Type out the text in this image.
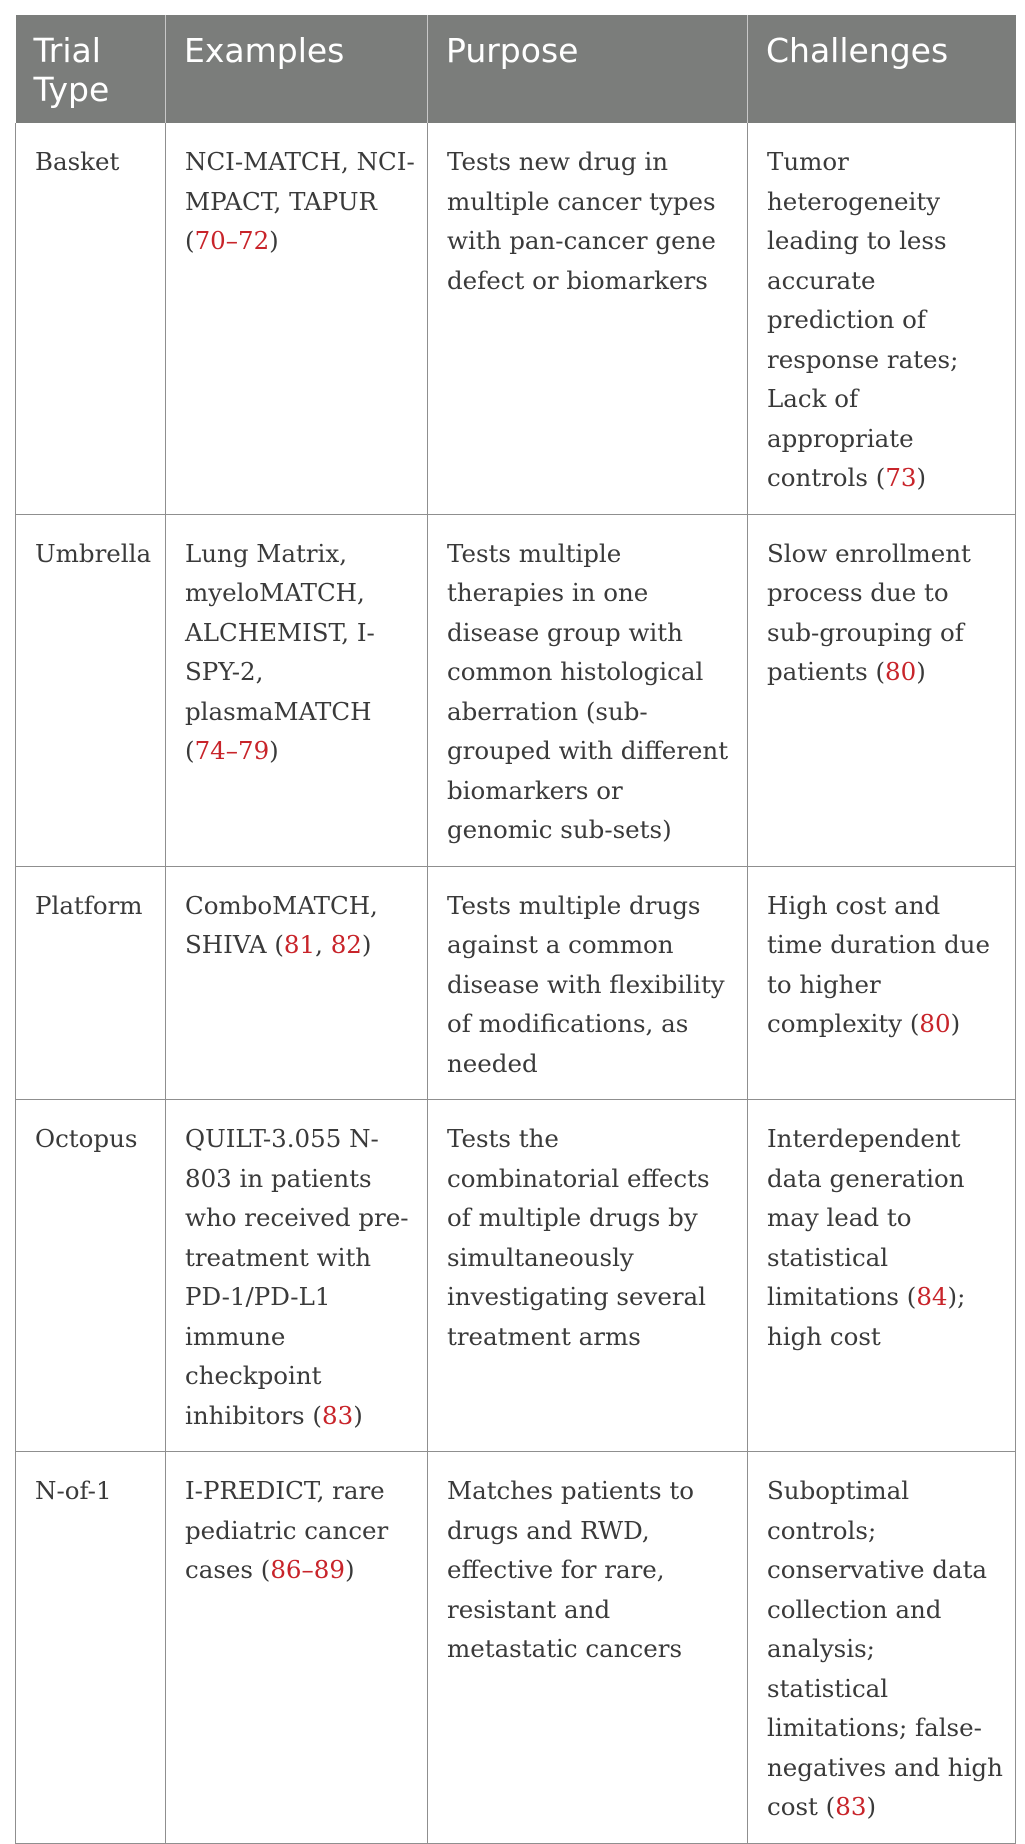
Trial Type	Examples	Purpose	Challenges
Basket	NCI-MATCH, NCI-MPACT, TAPUR (70–72)	Tests new drug in multiple cancer types with pan-cancer gene defect or biomarkers	Tumor heterogeneity leading to less accurate prediction of response rates; Lack of appropriate controls (73)
Umbrella	Lung Matrix, myeloMATCH, ALCHEMIST, I-SPY-2, plasmaMATCH (74–79)	Tests multiple therapies in one disease group with common histological aberration (sub-grouped with different biomarkers or genomic sub-sets)	Slow enrollment process due to sub-grouping of patients (80)
Platform	ComboMATCH, SHIVA (81, 82)	Tests multiple drugs against a common disease with flexibility of modifications, as needed	High cost and time duration due to higher complexity (80)
Octopus	QUILT-3.055 N-803 in patients who received pre-treatment with PD-1/PD-L1 immune checkpoint inhibitors (83)	Tests the combinatorial effects of multiple drugs by simultaneously investigating several treatment arms	Interdependent data generation may lead to statistical limitations (84); high cost
N-of-1	I-PREDICT, rare pediatric cancer cases (86–89)	Matches patients to drugs and RWD, effective for rare, resistant and metastatic cancers	Suboptimal controls; conservative data collection and analysis; statistical limitations; false-negatives and high cost (83)
